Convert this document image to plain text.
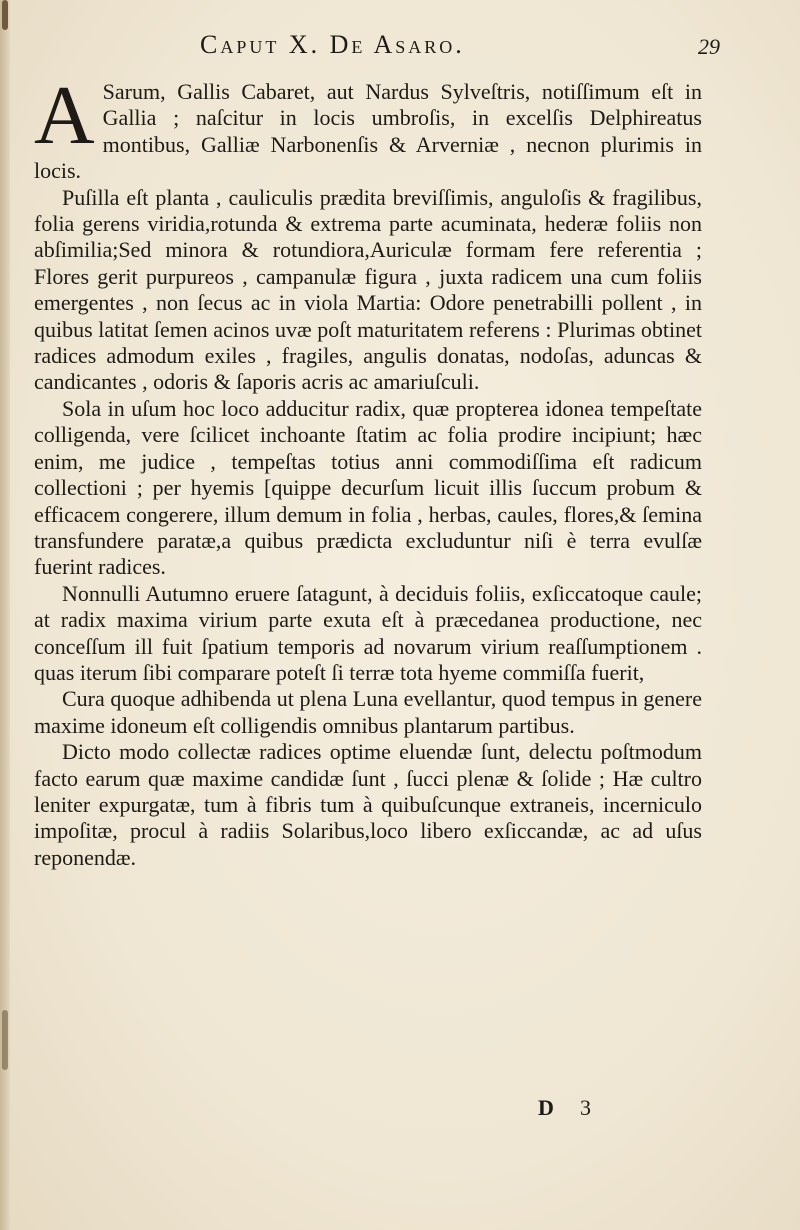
Caput X. De Asaro.	29

A Sarum, Gallis Cabaret, aut Nardus Sylveſtris, notiſſimum eſt in Gallia ; naſcitur in locis umbroſis, in excelſis Delphireatus montibus, Galliæ Narbonenſis & Arverniæ , necnon plurimis in locis.

Puſilla eſt planta , cauliculis prædita breviſſimis, anguloſis & fragilibus, folia gerens viridia,rotunda & extrema parte acuminata, hederæ foliis non abſimilia;Sed minora & rotundiora,Auriculæ formam fere referentia ; Flores gerit purpureos , campanulæ figura , juxta radicem una cum foliis emergentes , non ſecus ac in viola Martia: Odore penetrabilli pollent , in quibus latitat ſemen acinos uvæ poſt maturitatem referens : Plurimas obtinet radices admodum exiles , fragiles, angulis donatas, nodoſas, aduncas & candicantes , odoris & ſaporis acris ac amariuſculi.

Sola in uſum hoc loco adducitur radix, quæ propterea idonea tempeſtate colligenda, vere ſcilicet inchoante ſtatim ac folia prodire incipiunt; hæc enim, me judice , tempeſtas totius anni commodiſſima eſt radicum collectioni ; per hyemis [quippe decurſum licuit illis ſuccum probum & efficacem congerere, illum demum in folia , herbas, caules, flores,& ſemina transfundere paratæ,a quibus prædicta excluduntur niſi è terra evulſæ fuerint radices.

Nonnulli Autumno eruere ſatagunt, à deciduis foliis, exſiccatoque caule; at radix maxima virium parte exuta eſt à præcedanea productione, nec conceſſum ill fuit ſpatium temporis ad novarum virium reaſſumptionem . quas iterum ſibi comparare poteſt ſi terræ tota hyeme commiſſa fuerit,

Cura quoque adhibenda ut plena Luna evellantur, quod tempus in genere maxime idoneum eſt colligendis omnibus plantarum partibus.

Dicto modo collectæ radices optime eluendæ ſunt, delectu poſtmodum facto earum quæ maxime candidæ ſunt , ſucci plenæ & ſolide ; Hæ cultro leniter expurgatæ, tum à fibris tum à quibuſcunque extraneis, incerniculo impoſitæ, procul à radiis Solaribus,loco libero exſiccandæ, ac ad uſus reponendæ.

D 3
